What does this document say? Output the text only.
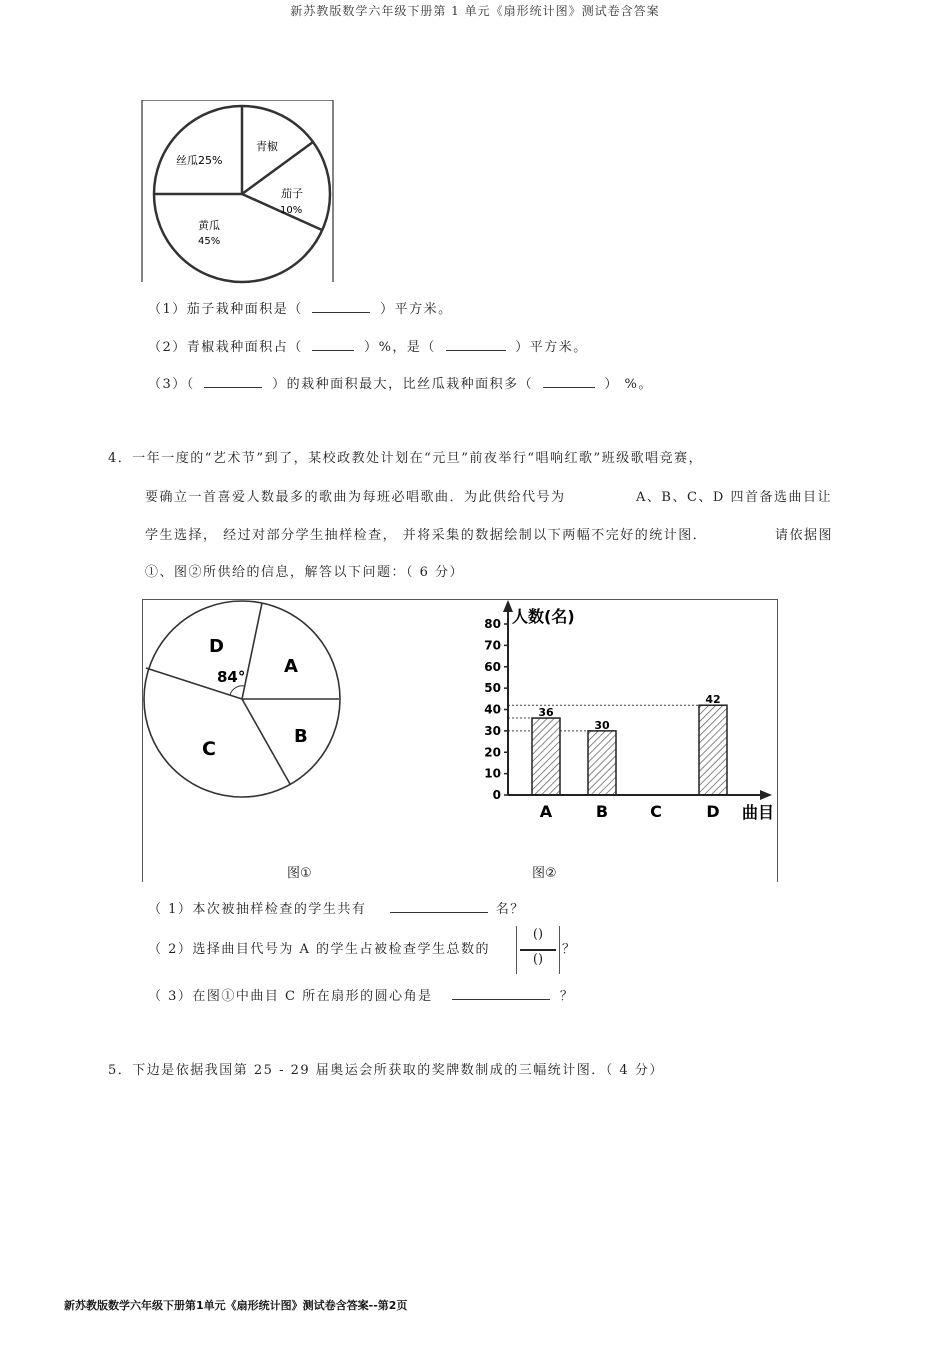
新苏教版数学六年级下册第 1 单元《扇形统计图》测试卷含答案
新苏教版数学六年级下册第1单元《扇形统计图》测试卷含答案--第2页
丝瓜25%
青椒
茄子
10%
黄瓜
45%
（1）茄子栽种面积是（	）平方米。
（2）青椒栽种面积占（	）%，是（	）平方米。
（3）（	）的栽种面积最大，比丝瓜栽种面积多（	） %。
4．一年一度的“艺术节”到了，某校政教处计划在“元旦”前夜举行“唱响红歌”班级歌唱竞赛，
要确立一首喜爱人数最多的歌曲为每班必唱歌曲．为此供给代号为	A、B、C、D 四首备选曲目让
学生选择， 经过对部分学生抽样检查， 并将采集的数据绘制以下两幅不完好的统计图．	请依据图
①、图②所供给的信息，解答以下问题：（ 6 分）
D
84° A
B
C
图①
人数(名)
曲目
0
10
20
30
40
50
60
70
80
A	B	C	D
36
30
42
图②
（ 1）本次被抽样检查的学生共有	名？
（ 2）选择曲目代号为 A 的学生占被检查学生总数的
()
()
？
（ 3）在图①中曲目 C 所在扇形的圆心角是	？
5．下边是依据我国第 25 - 29 届奥运会所获取的奖牌数制成的三幅统计图．（ 4 分）
